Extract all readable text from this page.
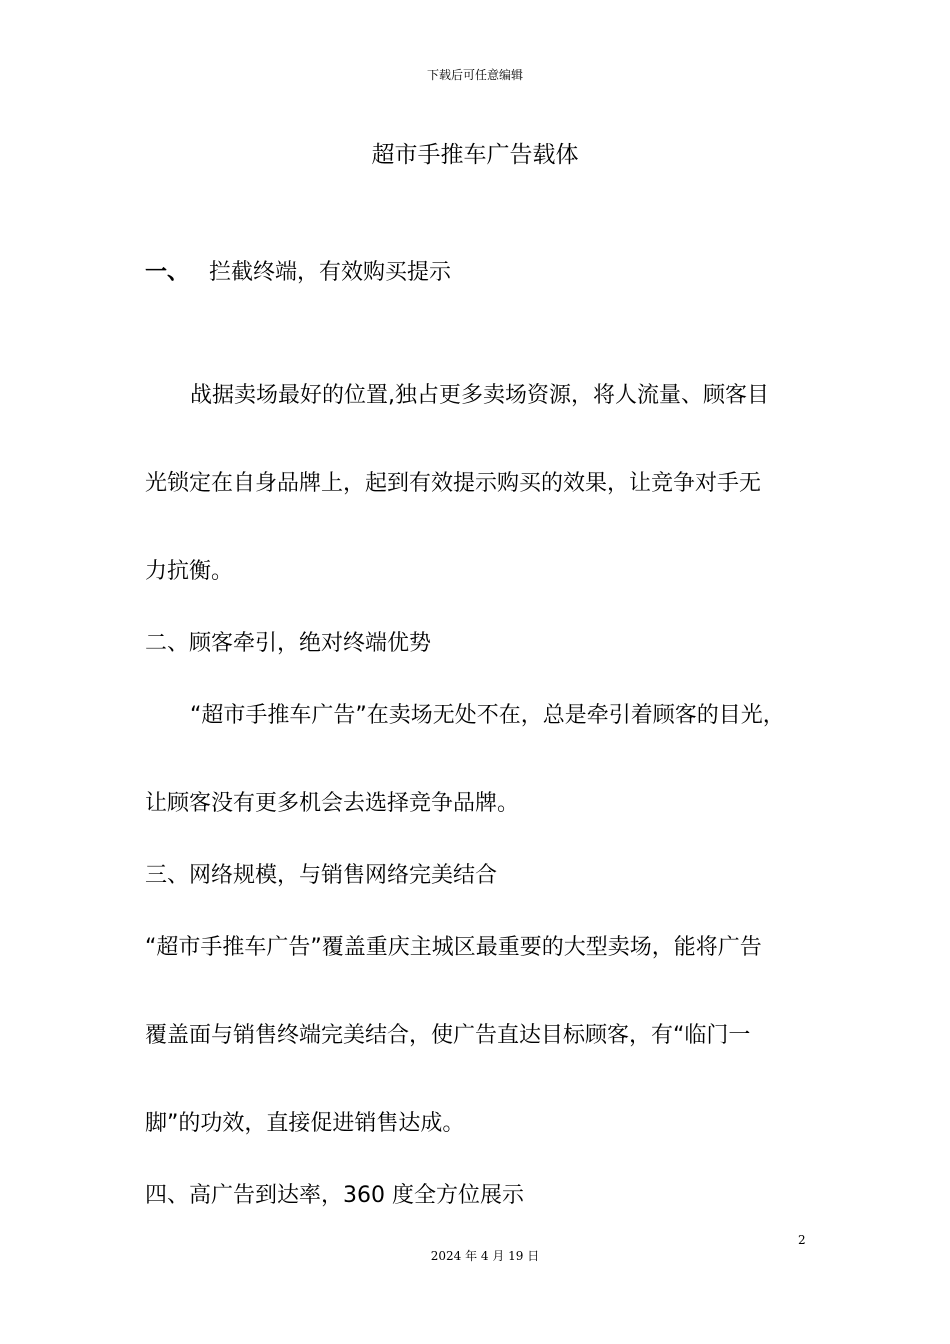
下载后可任意编辑
超市手推车广告载体
一、 拦截终端，有效购买提示
战据卖场最好的位置,独占更多卖场资源，将人流量、顾客目
光锁定在自身品牌上，起到有效提示购买的效果，让竞争对手无
力抗衡。
二、顾客牵引，绝对终端优势
“超市手推车广告”在卖场无处不在，总是牵引着顾客的目光，
让顾客没有更多机会去选择竞争品牌。
三、网络规模，与销售网络完美结合
“超市手推车广告”覆盖重庆主城区最重要的大型卖场，能将广告
覆盖面与销售终端完美结合，使广告直达目标顾客，有“临门一
脚”的功效，直接促进销售达成。
四、高广告到达率，360 度全方位展示
2
2024 年 4 月 19 日
